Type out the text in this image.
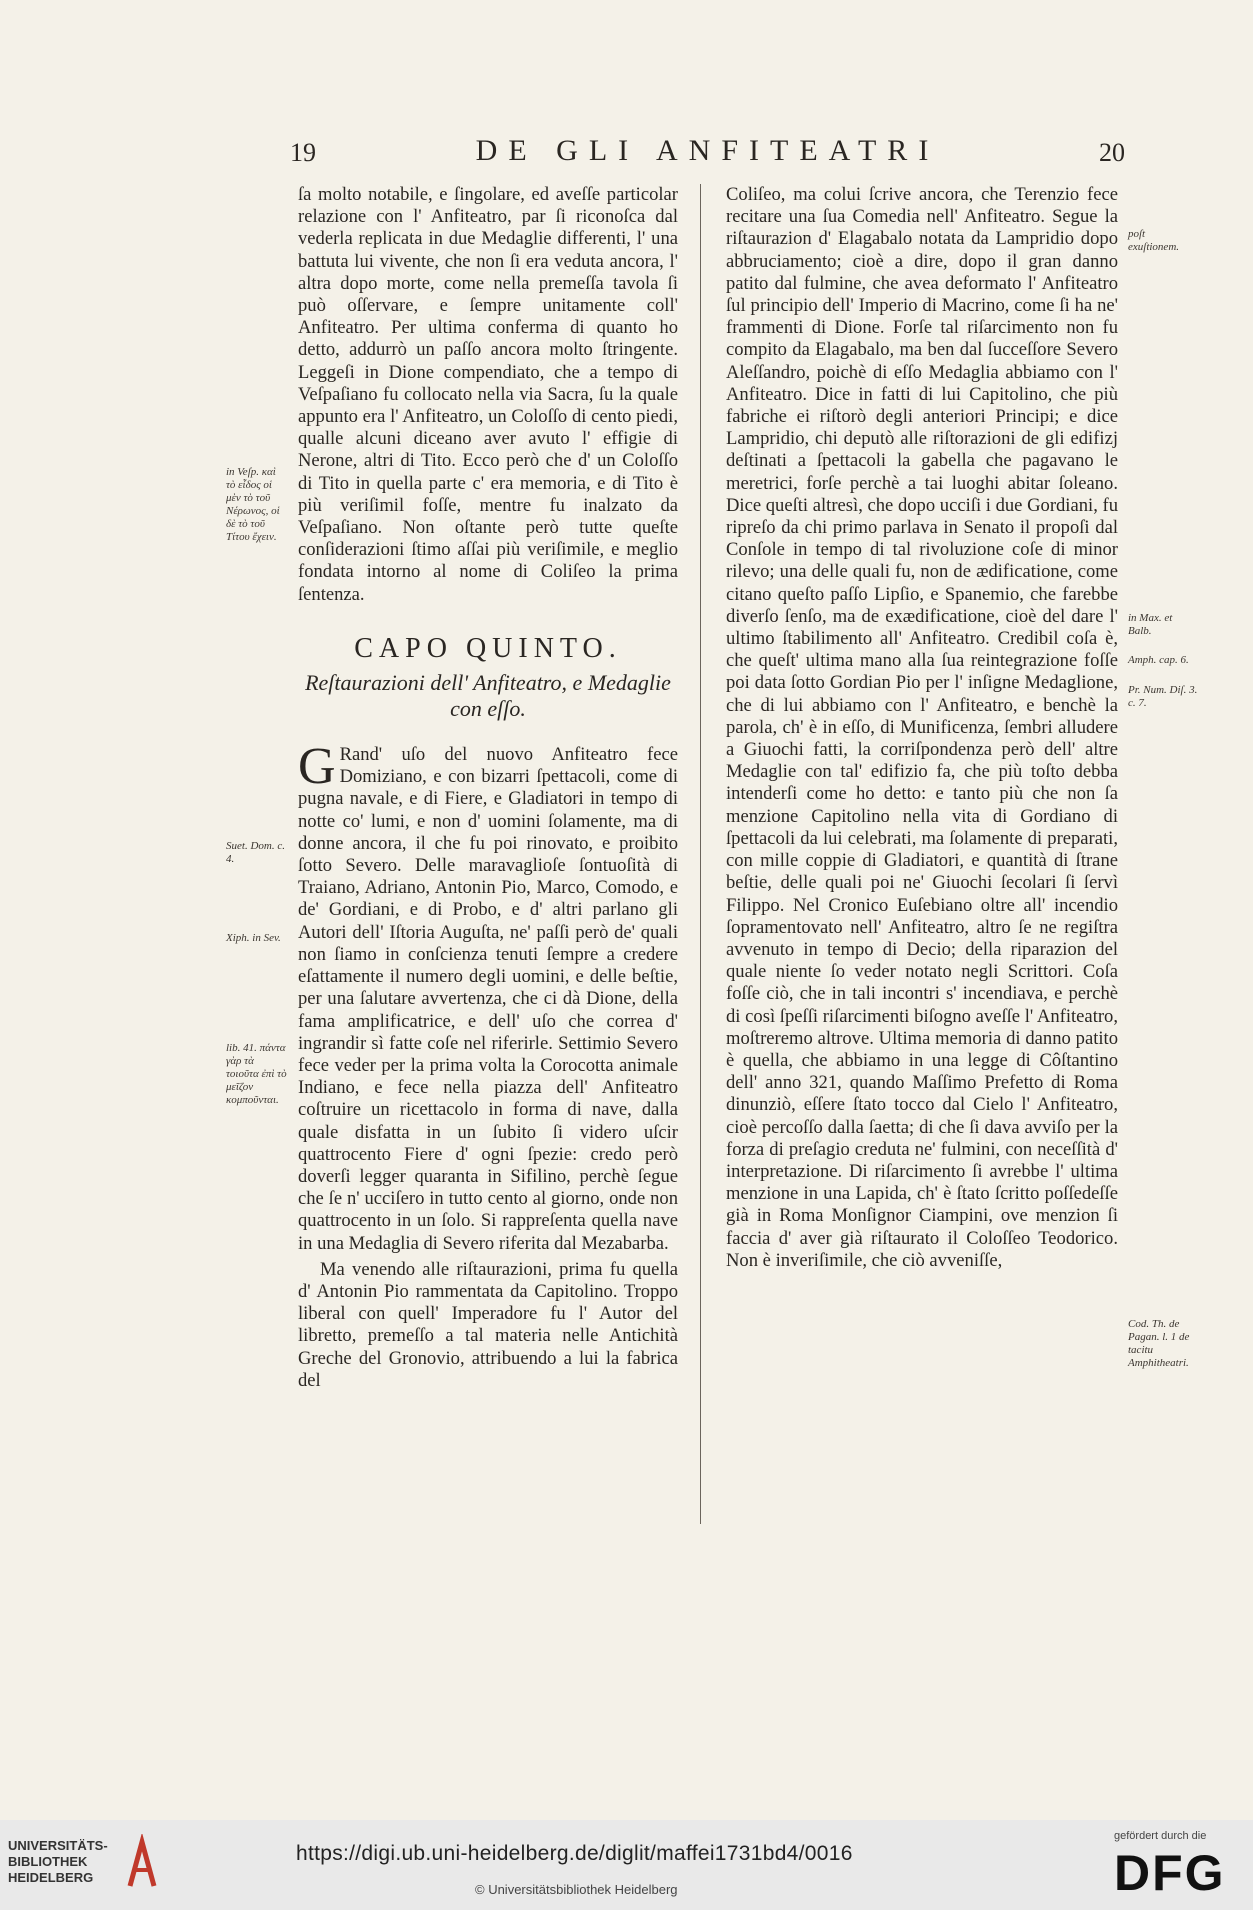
19	DE GLI ANFITEATRI	20

ſa molto notabile, e ſingolare, ed aveſſe particolar relazione con l' Anfiteatro, par ſi riconoſca dal vederla replicata in due Medaglie differenti, l' una battuta lui vivente, che non ſi era veduta ancora, l' altra dopo morte, come nella premeſſa tavola ſi può oſſervare, e ſempre unitamente coll' Anfiteatro. Per ultima conferma di quanto ho detto, addurrò un paſſo ancora molto ſtringente. Leggeſi in Dione compendiato, che a tempo di Veſpaſiano fu collocato nella via Sacra, ſu la quale appunto era l' Anfiteatro, un Coloſſo di cento piedi, qualle alcuni diceano aver avuto l' effigie di Nerone, altri di Tito. Ecco però che d' un Coloſſo di Tito in quella parte c' era memoria, e di Tito è più veriſimil foſſe, mentre fu inalzato da Veſpaſiano. Non oſtante però tutte queſte conſiderazioni ſtimo aſſai più veriſimile, e meglio fondata intorno al nome di Coliſeo la prima ſentenza.

CAPO QUINTO.
Reſtaurazioni dell' Anfiteatro, e Medaglie con eſſo.

G Rand' uſo del nuovo Anfiteatro fece Domiziano, e con bizarri ſpettacoli, come di pugna navale, e di Fiere, e Gladiatori in tempo di notte co' lumi, e non d' uomini ſolamente, ma di donne ancora, il che fu poi rinovato, e proibito ſotto Severo. Delle maravaglioſe ſontuoſità di Traiano, Adriano, Antonin Pio, Marco, Comodo, e de' Gordiani, e di Probo, e d' altri parlano gli Autori dell' Iſtoria Auguſta, ne' paſſi però de' quali non ſiamo in conſcienza tenuti ſempre a credere eſattamente il numero degli uomini, e delle beſtie, per una ſalutare avvertenza, che ci dà Dione, della fama amplificatrice, e dell' uſo che correa d' ingrandir sì fatte coſe nel riferirle. Settimio Severo fece veder per la prima volta la Corocotta animale Indiano, e fece nella piazza dell' Anfiteatro coſtruire un ricettacolo in forma di nave, dalla quale disfatta in un ſubito ſi videro uſcir quattrocento Fiere d' ogni ſpezie: credo però doverſi legger quaranta in Sifilino, perchè ſegue che ſe n' ucciſero in tutto cento al giorno, onde non quattrocento in un ſolo. Si rappreſenta quella nave in una Medaglia di Severo riferita dal Mezabarba.

Ma venendo alle riſtaurazioni, prima fu quella d' Antonin Pio rammentata da Capitolino. Troppo liberal con quell' Imperadore fu l' Autor del libretto, premeſſo a tal materia nelle Antichità Greche del Gronovio, attribuendo a lui la fabrica del

Coliſeo, ma colui ſcrive ancora, che Terenzio fece recitare una ſua Comedia nell' Anfiteatro. Segue la riſtaurazion d' Elagabalo notata da Lampridio dopo abbruciamento; cioè a dire, dopo il gran danno patito dal fulmine, che avea deformato l' Anfiteatro ſul principio dell' Imperio di Macrino, come ſi ha ne' frammenti di Dione. Forſe tal riſarcimento non fu compito da Elagabalo, ma ben dal ſucceſſore Severo Aleſſandro, poichè di eſſo Medaglia abbiamo con l' Anfiteatro. Dice in fatti di lui Capitolino, che più fabriche ei riſtorò degli anteriori Principi; e dice Lampridio, chi deputò alle riſtorazioni de gli edifizj deſtinati a ſpettacoli la gabella che pagavano le meretrici, forſe perchè a tai luoghi abitar ſoleano. Dice queſti altresì, che dopo ucciſi i due Gordiani, fu ripreſo da chi primo parlava in Senato il propoſi dal Conſole in tempo di tal rivoluzione coſe di minor rilevo; una delle quali fu, non de ædificatione, come citano queſto paſſo Lipſio, e Spanemio, che farebbe diverſo ſenſo, ma de exædificatione, cioè del dare l' ultimo ſtabilimento all' Anfiteatro. Credibil coſa è, che queſt' ultima mano alla ſua reintegrazione foſſe poi data ſotto Gordian Pio per l' inſigne Medaglione, che di lui abbiamo con l' Anfiteatro, e benchè la parola, ch' è in eſſo, di Munificenza, ſembri alludere a Giuochi fatti, la corriſpondenza però dell' altre Medaglie con tal' edifizio fa, che più toſto debba intenderſi come ho detto: e tanto più che non ſa menzione Capitolino nella vita di Gordiano di ſpettacoli da lui celebrati, ma ſolamente di preparati, con mille coppie di Gladiatori, e quantità di ſtrane beſtie, delle quali poi ne' Giuochi ſecolari ſi ſervì Filippo. Nel Cronico Euſebiano oltre all' incendio ſopramentovato nell' Anfiteatro, altro ſe ne regiſtra avvenuto in tempo di Decio; della riparazion del quale niente ſo veder notato negli Scrittori. Coſa foſſe ciò, che in tali incontri s' incendiava, e perchè di così ſpeſſi riſarcimenti biſogno aveſſe l' Anfiteatro, moſtreremo altrove. Ultima memoria di danno patito è quella, che abbiamo in una legge di Côſtantino dell' anno 321, quando Maſſimo Prefetto di Roma dinunziò, eſſere ſtato tocco dal Cielo l' Anfiteatro, cioè percoſſo dalla ſaetta; di che ſi dava avviſo per la forza di preſagio creduta ne' fulmini, con neceſſità d' interpretazione. Di riſarcimento ſi avrebbe l' ultima menzione in una Lapida, ch' è ſtato ſcritto poſſedeſſe già in Roma Monſignor Ciampini, ove menzion ſi faccia d' aver già riſtaurato il Coloſſeo Teodorico. Non è inveriſimile, che ciò avveniſſe,

in Veſp. καὶ τὸ εἶδος οἱ μὲν τὸ τοῦ Νέρωνος, οἱ δὲ τὸ τοῦ Τίτου ἔχειν.
Suet. Dom. c. 4.
Xiph. in Sev.
lib. 41. πάντα γὰρ τὰ τοιοῦτα ἐπὶ τὸ μεῖζον κομποῦνται.
poſt exuſtionem.
in Max. et Balb.
Amph. cap. 6.
Pr. Num. Diſ. 3. c. 7.
Cod. Th. de Pagan. l. 1 de tacitu Amphitheatri.
UNIVERSITÄTS-
BIBLIOTHEK
HEIDELBERG
https://digi.ub.uni-heidelberg.de/diglit/maffei1731bd4/0016
© Universitätsbibliothek Heidelberg
gefördert durch die
DFG
